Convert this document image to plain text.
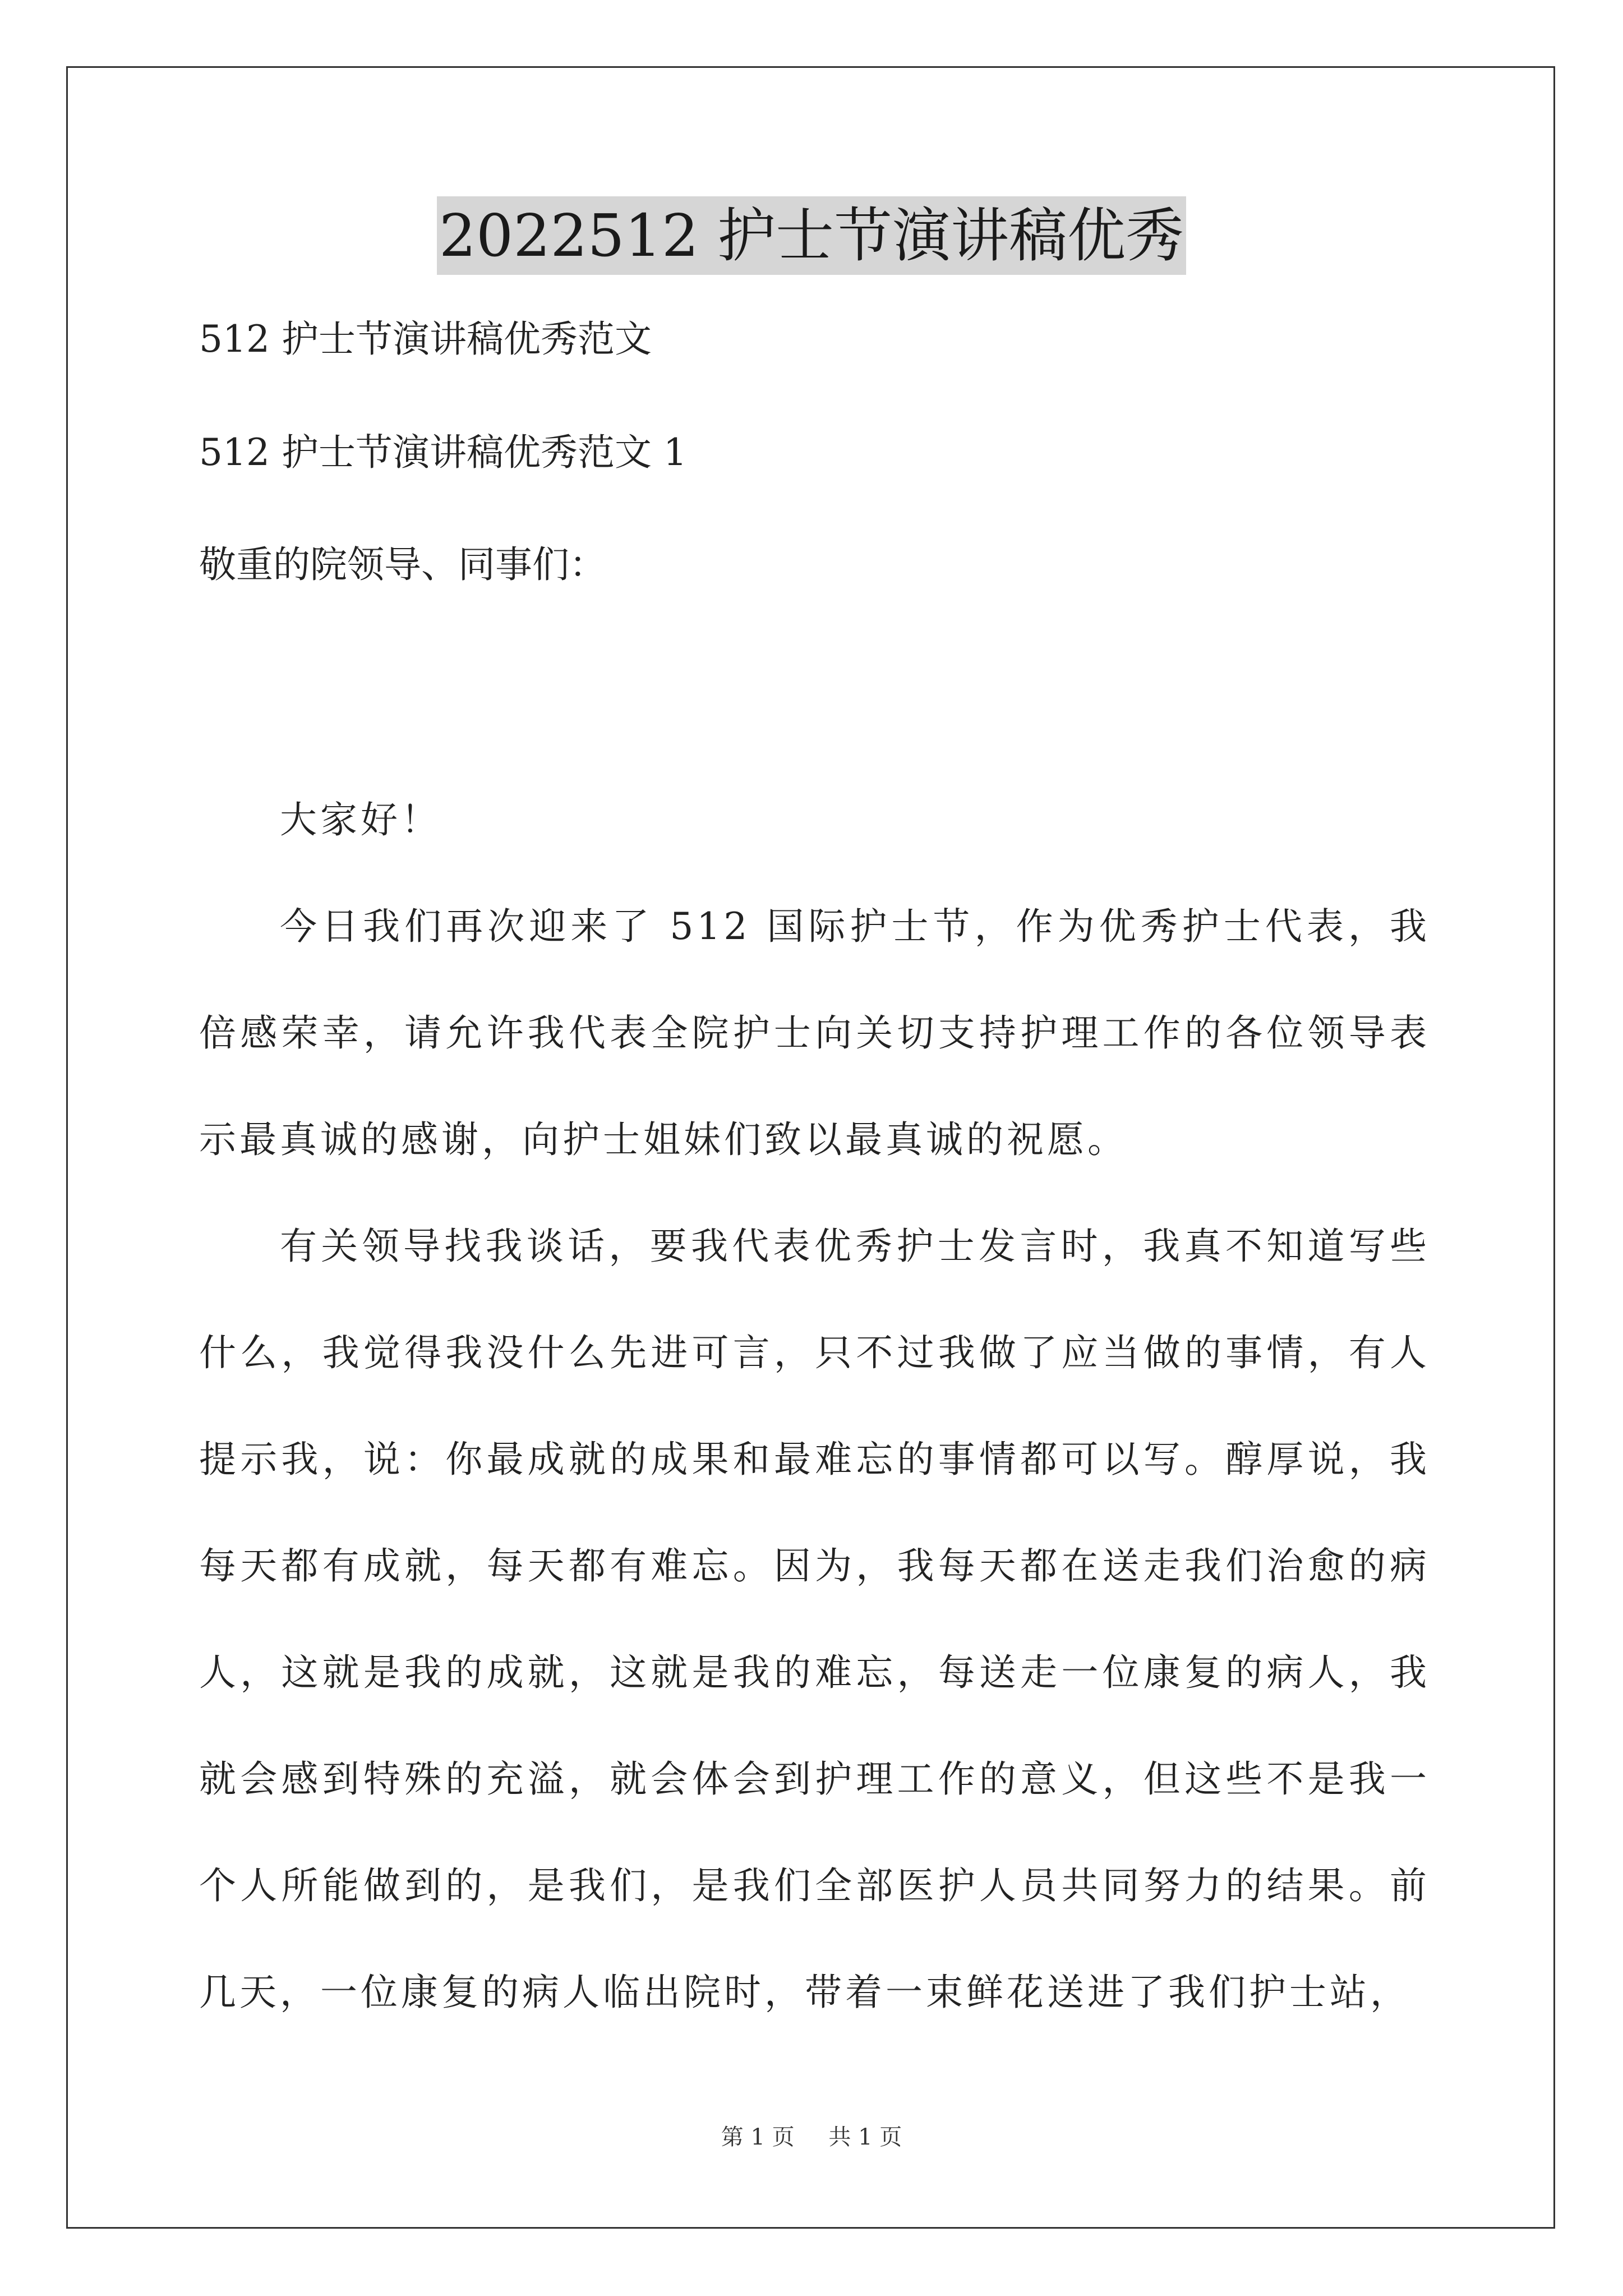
2022512 护士节演讲稿优秀
512 护士节演讲稿优秀范文
512 护士节演讲稿优秀范文 1
敬重的院领导、同事们：

大家好！

今日我们再次迎来了 512 国际护士节，作为优秀护士代表，我倍感荣幸，请允许我代表全院护士向关切支持护理工作的各位领导表示最真诚的感谢，向护士姐妹们致以最真诚的祝愿。

有关领导找我谈话，要我代表优秀护士发言时，我真不知道写些什么，我觉得我没什么先进可言，只不过我做了应当做的事情，有人提示我，说：你最成就的成果和最难忘的事情都可以写。醇厚说，我每天都有成就，每天都有难忘。因为，我每天都在送走我们治愈的病人，这就是我的成就，这就是我的难忘，每送走一位康复的病人，我就会感到特殊的充溢，就会体会到护理工作的意义，但这些不是我一个人所能做到的，是我们，是我们全部医护人员共同努力的结果。前几天，一位康复的病人临出院时，带着一束鲜花送进了我们护士站，

第 1 页 共 1 页
